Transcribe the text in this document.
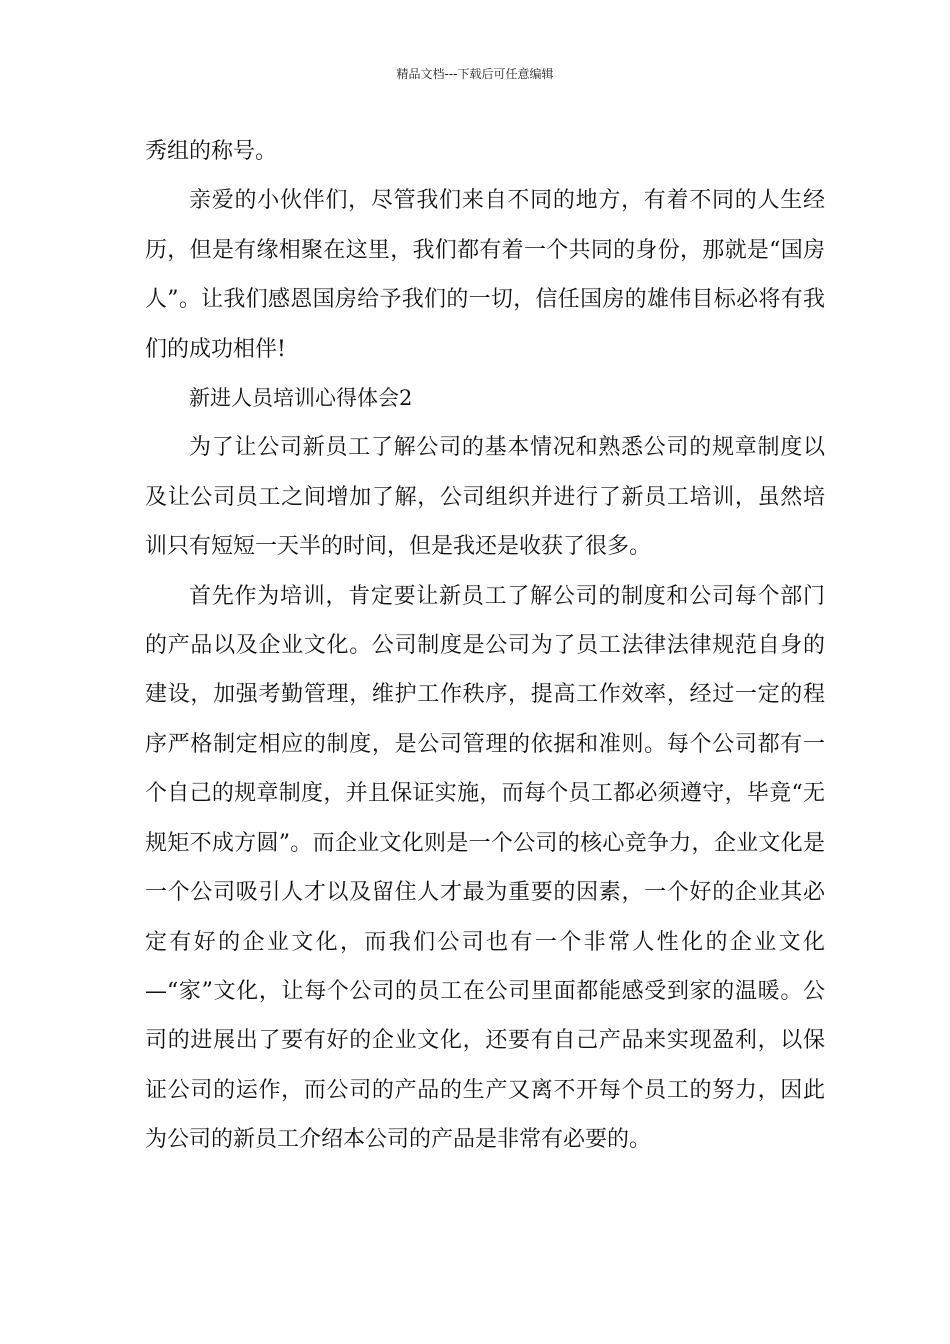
精品文档---下载后可任意编辑

秀组的称号。

亲爱的小伙伴们，尽管我们来自不同的地方，有着不同的人生经历，但是有缘相聚在这里，我们都有着一个共同的身份，那就是“国房人”。让我们感恩国房给予我们的一切，信任国房的雄伟目标必将有我们的成功相伴!

新进人员培训心得体会2

为了让公司新员工了解公司的基本情况和熟悉公司的规章制度以及让公司员工之间增加了解，公司组织并进行了新员工培训，虽然培训只有短短一天半的时间，但是我还是收获了很多。

首先作为培训，肯定要让新员工了解公司的制度和公司每个部门的产品以及企业文化。公司制度是公司为了员工法律法律规范自身的建设，加强考勤管理，维护工作秩序，提高工作效率，经过一定的程序严格制定相应的制度，是公司管理的依据和准则。每个公司都有一个自己的规章制度，并且保证实施，而每个员工都必须遵守，毕竟“无规矩不成方圆”。而企业文化则是一个公司的核心竞争力，企业文化是一个公司吸引人才以及留住人才最为重要的因素，一个好的企业其必定有好的企业文化，而我们公司也有一个非常人性化的企业文化—“家”文化，让每个公司的员工在公司里面都能感受到家的温暖。公司的进展出了要有好的企业文化，还要有自己产品来实现盈利，以保证公司的运作，而公司的产品的生产又离不开每个员工的努力，因此为公司的新员工介绍本公司的产品是非常有必要的。
